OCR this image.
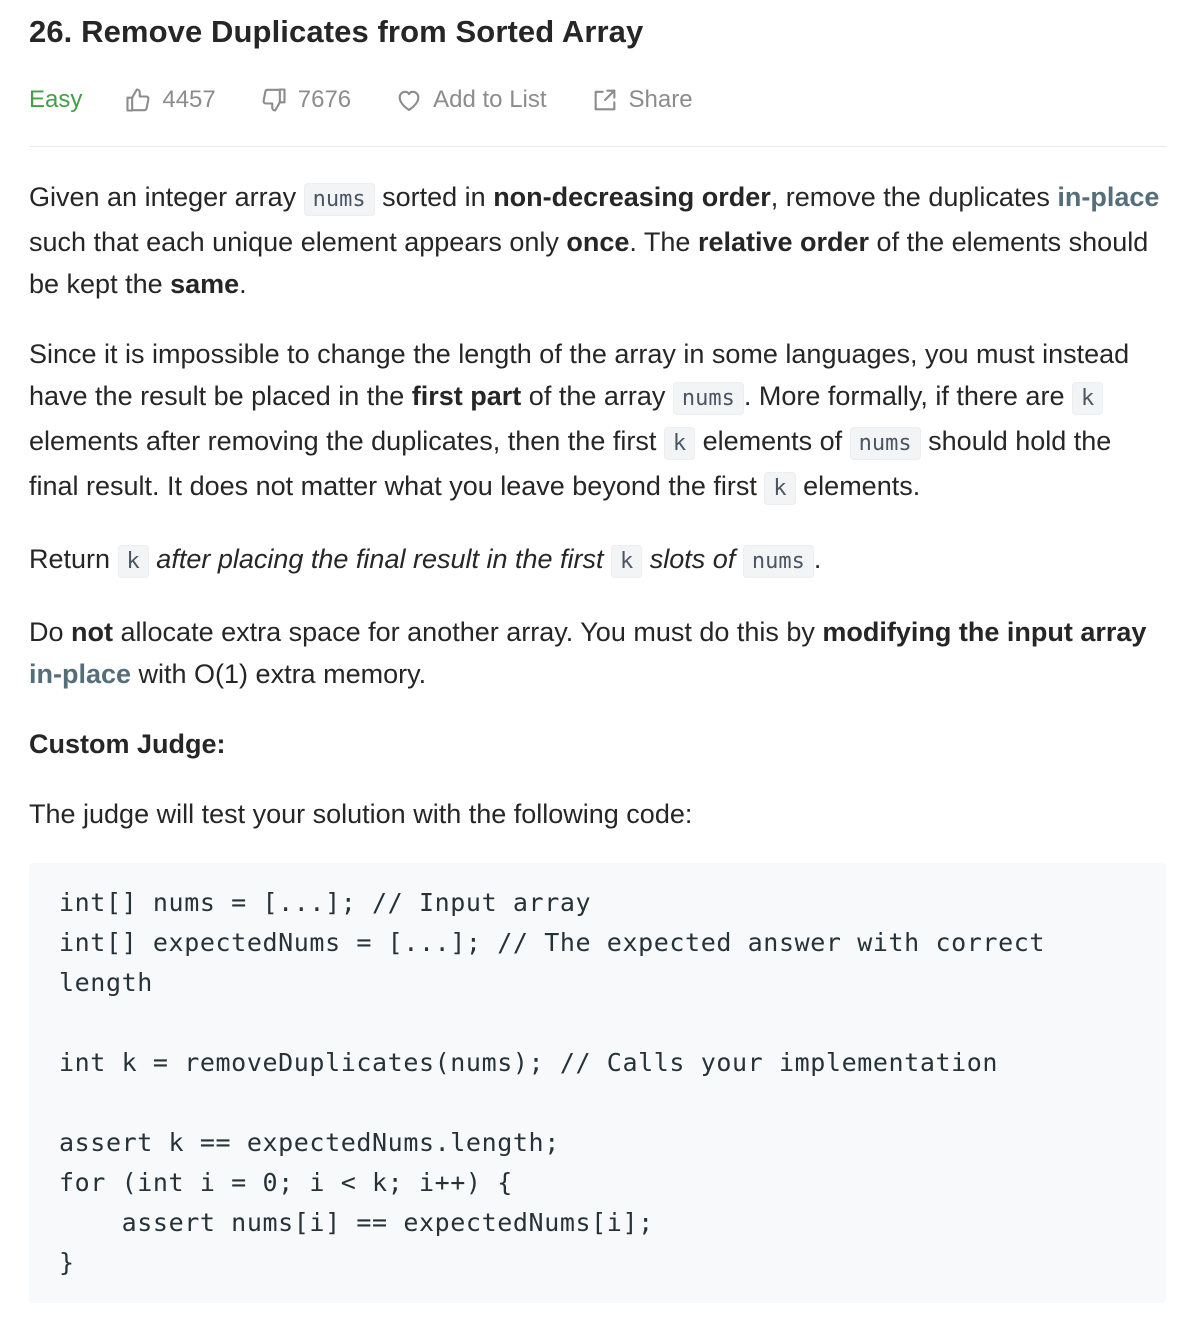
26. Remove Duplicates from Sorted Array
Easy	4457	7676	Add to List	Share

Given an integer array nums sorted in non-decreasing order, remove the duplicates in-place such that each unique element appears only once. The relative order of the elements should be kept the same.

Since it is impossible to change the length of the array in some languages, you must instead have the result be placed in the first part of the array nums . More formally, if there are k elements after removing the duplicates, then the first k elements of nums should hold the final result. It does not matter what you leave beyond the first k elements.

Return k after placing the final result in the first k slots of nums .

Do not allocate extra space for another array. You must do this by modifying the input array in-place with O(1) extra memory.

Custom Judge:

The judge will test your solution with the following code:

int[] nums = [...]; // Input array
int[] expectedNums = [...]; // The expected answer with correct length

int k = removeDuplicates(nums); // Calls your implementation

assert k == expectedNums.length;
for (int i = 0; i < k; i++) {
assert nums[i] == expectedNums[i];
}
